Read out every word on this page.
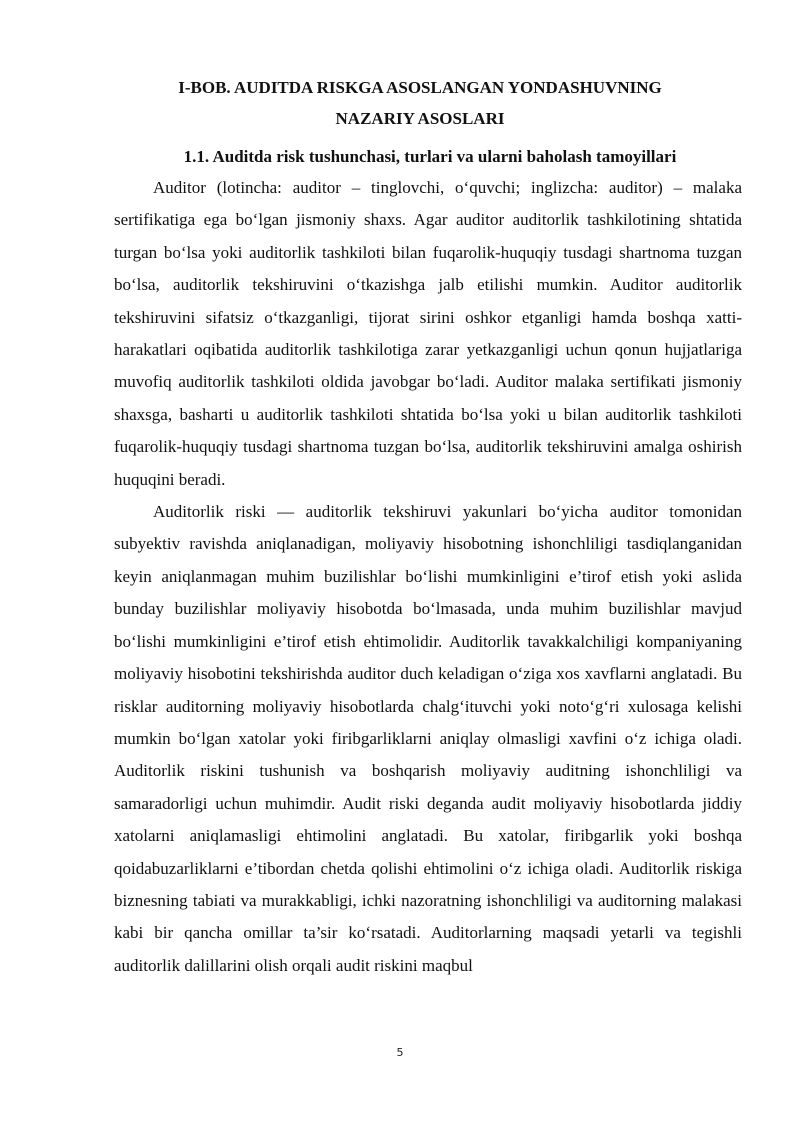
I-BOB. AUDITDA RISKGA ASOSLANGAN YONDASHUVNING
NAZARIY ASOSLARI

1.1. Auditda risk tushunchasi, turlari va ularni baholash tamoyillari

Auditor (lotincha: auditor – tinglovchi, o‘quvchi; inglizcha: auditor) – malaka sertifikatiga ega bo‘lgan jismoniy shaxs. Agar auditor auditorlik tashkilotining shtatida turgan bo‘lsa yoki auditorlik tashkiloti bilan fuqarolik-huquqiy tusdagi shartnoma tuzgan bo‘lsa, auditorlik tekshiruvini o‘tkazishga jalb etilishi mumkin. Auditor auditorlik tekshiruvini sifatsiz o‘tkazganligi, tijorat sirini oshkor etganligi hamda boshqa xatti-harakatlari oqibatida auditorlik tashkilotiga zarar yetkazganligi uchun qonun hujjatlariga muvofiq auditorlik tashkiloti oldida javobgar bo‘ladi. Auditor malaka sertifikati jismoniy shaxsga, basharti u auditorlik tashkiloti shtatida bo‘lsa yoki u bilan auditorlik tashkiloti fuqarolik-huquqiy tusdagi shartnoma tuzgan bo‘lsa, auditorlik tekshiruvini amalga oshirish huquqini beradi.

Auditorlik riski — auditorlik tekshiruvi yakunlari bo‘yicha auditor tomonidan subyektiv ravishda aniqlanadigan, moliyaviy hisobotning ishonchliligi tasdiqlanganidan keyin aniqlanmagan muhim buzilishlar bo‘lishi mumkinligini e’tirof etish yoki aslida bunday buzilishlar moliyaviy hisobotda bo‘lmasada, unda muhim buzilishlar mavjud bo‘lishi mumkinligini e’tirof etish ehtimolidir. Auditorlik tavakkalchiligi kompaniyaning moliyaviy hisobotini tekshirishda auditor duch keladigan o‘ziga xos xavflarni anglatadi. Bu risklar auditorning moliyaviy hisobotlarda chalg‘ituvchi yoki noto‘g‘ri xulosaga kelishi mumkin bo‘lgan xatolar yoki firibgarliklarni aniqlay olmasligi xavfini o‘z ichiga oladi. Auditorlik riskini tushunish va boshqarish moliyaviy auditning ishonchliligi va samaradorligi uchun muhimdir. Audit riski deganda audit moliyaviy hisobotlarda jiddiy xatolarni aniqlamasligi ehtimolini anglatadi. Bu xatolar, firibgarlik yoki boshqa qoidabuzarliklarni e’tibordan chetda qolishi ehtimolini o‘z ichiga oladi. Auditorlik riskiga biznesning tabiati va murakkabligi, ichki nazoratning ishonchliligi va auditorning malakasi kabi bir qancha omillar ta’sir ko‘rsatadi. Auditorlarning maqsadi yetarli va tegishli auditorlik dalillarini olish orqali audit riskini maqbul

5
